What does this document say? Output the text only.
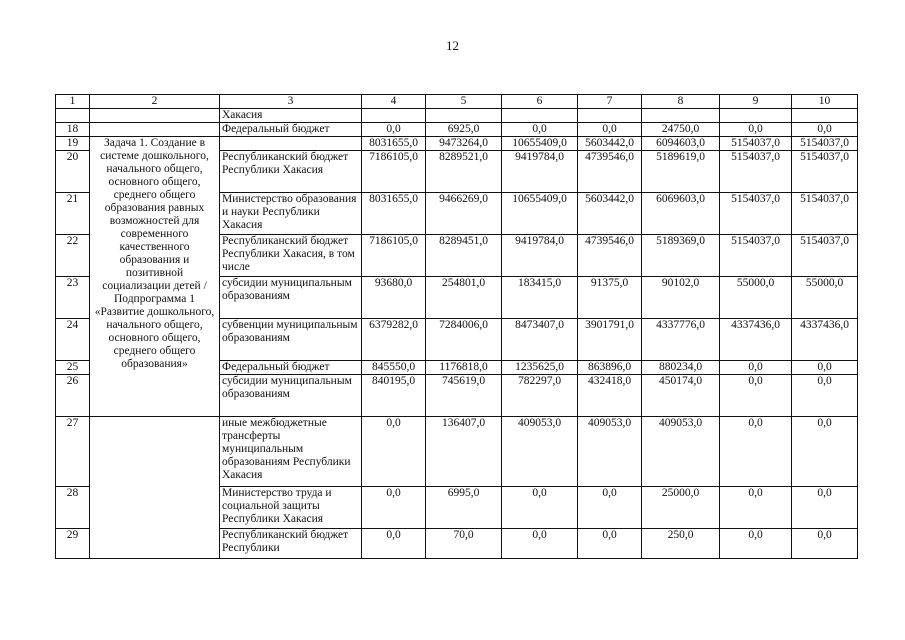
12
1	2	3	4	5	6	7	8	9	10
		Хакасия							
18		Федеральный бюджет	0,0	6925,0	0,0	0,0	24750,0	0,0	0,0
19	Задача 1. Создание в системе дошкольного, начального общего, основного общего, среднего общего образования равных возможностей для современного качественного образования и позитивной социализации детей /Подпрограмма 1 «Развитие дошкольного, начального общего, основного общего, среднего общего образования»		8031655,0	9473264,0	10655409,0	5603442,0	6094603,0	5154037,0	5154037,0
20		Республиканский бюджет Республики Хакасия	7186105,0	8289521,0	9419784,0	4739546,0	5189619,0	5154037,0	5154037,0
21		Министерство образования и науки Республики Хакасия	8031655,0	9466269,0	10655409,0	5603442,0	6069603,0	5154037,0	5154037,0
22		Республиканский бюджет Республики Хакасия, в том числе	7186105,0	8289451,0	9419784,0	4739546,0	5189369,0	5154037,0	5154037,0
23		субсидии муниципальным образованиям	93680,0	254801,0	183415,0	91375,0	90102,0	55000,0	55000,0
24		субвенции муниципальным образованиям	6379282,0	7284006,0	8473407,0	3901791,0	4337776,0	4337436,0	4337436,0
25		Федеральный бюджет	845550,0	1176818,0	1235625,0	863896,0	880234,0	0,0	0,0
26		субсидии муниципальным образованиям	840195,0	745619,0	782297,0	432418,0	450174,0	0,0	0,0
27		иные межбюджетные трансферты муниципальным образованиям Республики Хакасия	0,0	136407,0	409053,0	409053,0	409053,0	0,0	0,0
28		Министерство труда и социальной защиты Республики Хакасия	0,0	6995,0	0,0	0,0	25000,0	0,0	0,0
29		Республиканский бюджет Республики	0,0	70,0	0,0	0,0	250,0	0,0	0,0
